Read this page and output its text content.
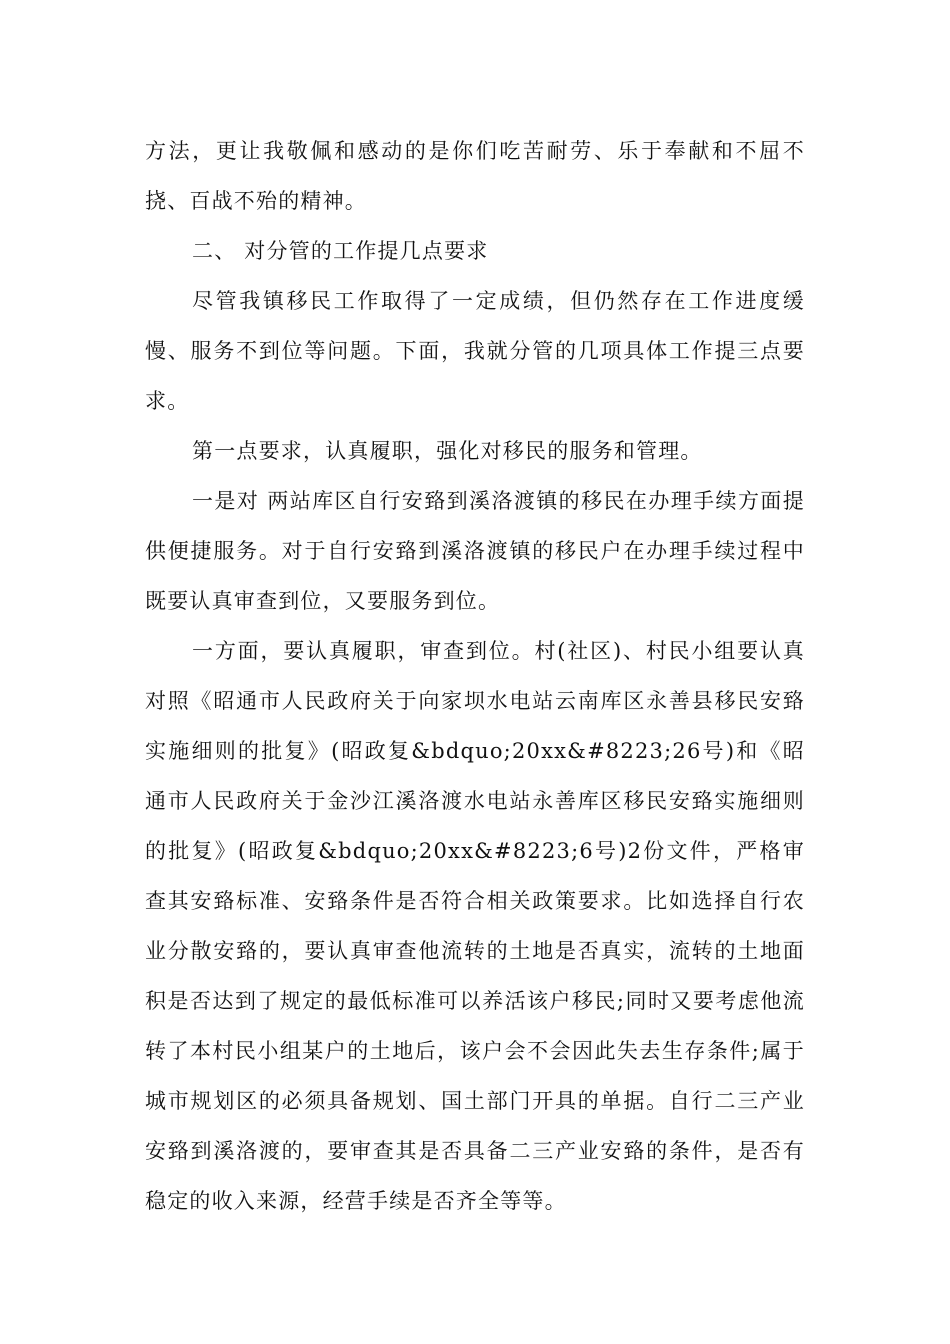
方法，更让我敬佩和感动的是你们吃苦耐劳、乐于奉献和不屈不挠、百战不殆的精神。

二、 对分管的工作提几点要求

尽管我镇移民工作取得了一定成绩，但仍然存在工作进度缓慢、服务不到位等问题。下面，我就分管的几项具体工作提三点要求。

第一点要求，认真履职，强化对移民的服务和管理。

一是对 两站库区自行安臵到溪洛渡镇的移民在办理手续方面提供便捷服务。对于自行安臵到溪洛渡镇的移民户在办理手续过程中既要认真审查到位，又要服务到位。

一方面，要认真履职，审查到位。村(社区)、村民小组要认真对照《昭通市人民政府关于向家坝水电站云南库区永善县移民安臵实施细则的批复》(昭政复&bdquo;20xx&#8223;26号)和《昭通市人民政府关于金沙江溪洛渡水电站永善库区移民安臵实施细则的批复》(昭政复&bdquo;20xx&#8223;6号)2份文件，严格审查其安臵标准、安臵条件是否符合相关政策要求。比如选择自行农业分散安臵的，要认真审查他流转的土地是否真实，流转的土地面积是否达到了规定的最低标准可以养活该户移民;同时又要考虑他流转了本村民小组某户的土地后，该户会不会因此失去生存条件;属于城市规划区的必须具备规划、国土部门开具的单据。自行二三产业安臵到溪洛渡的，要审查其是否具备二三产业安臵的条件，是否有稳定的收入来源，经营手续是否齐全等等。
